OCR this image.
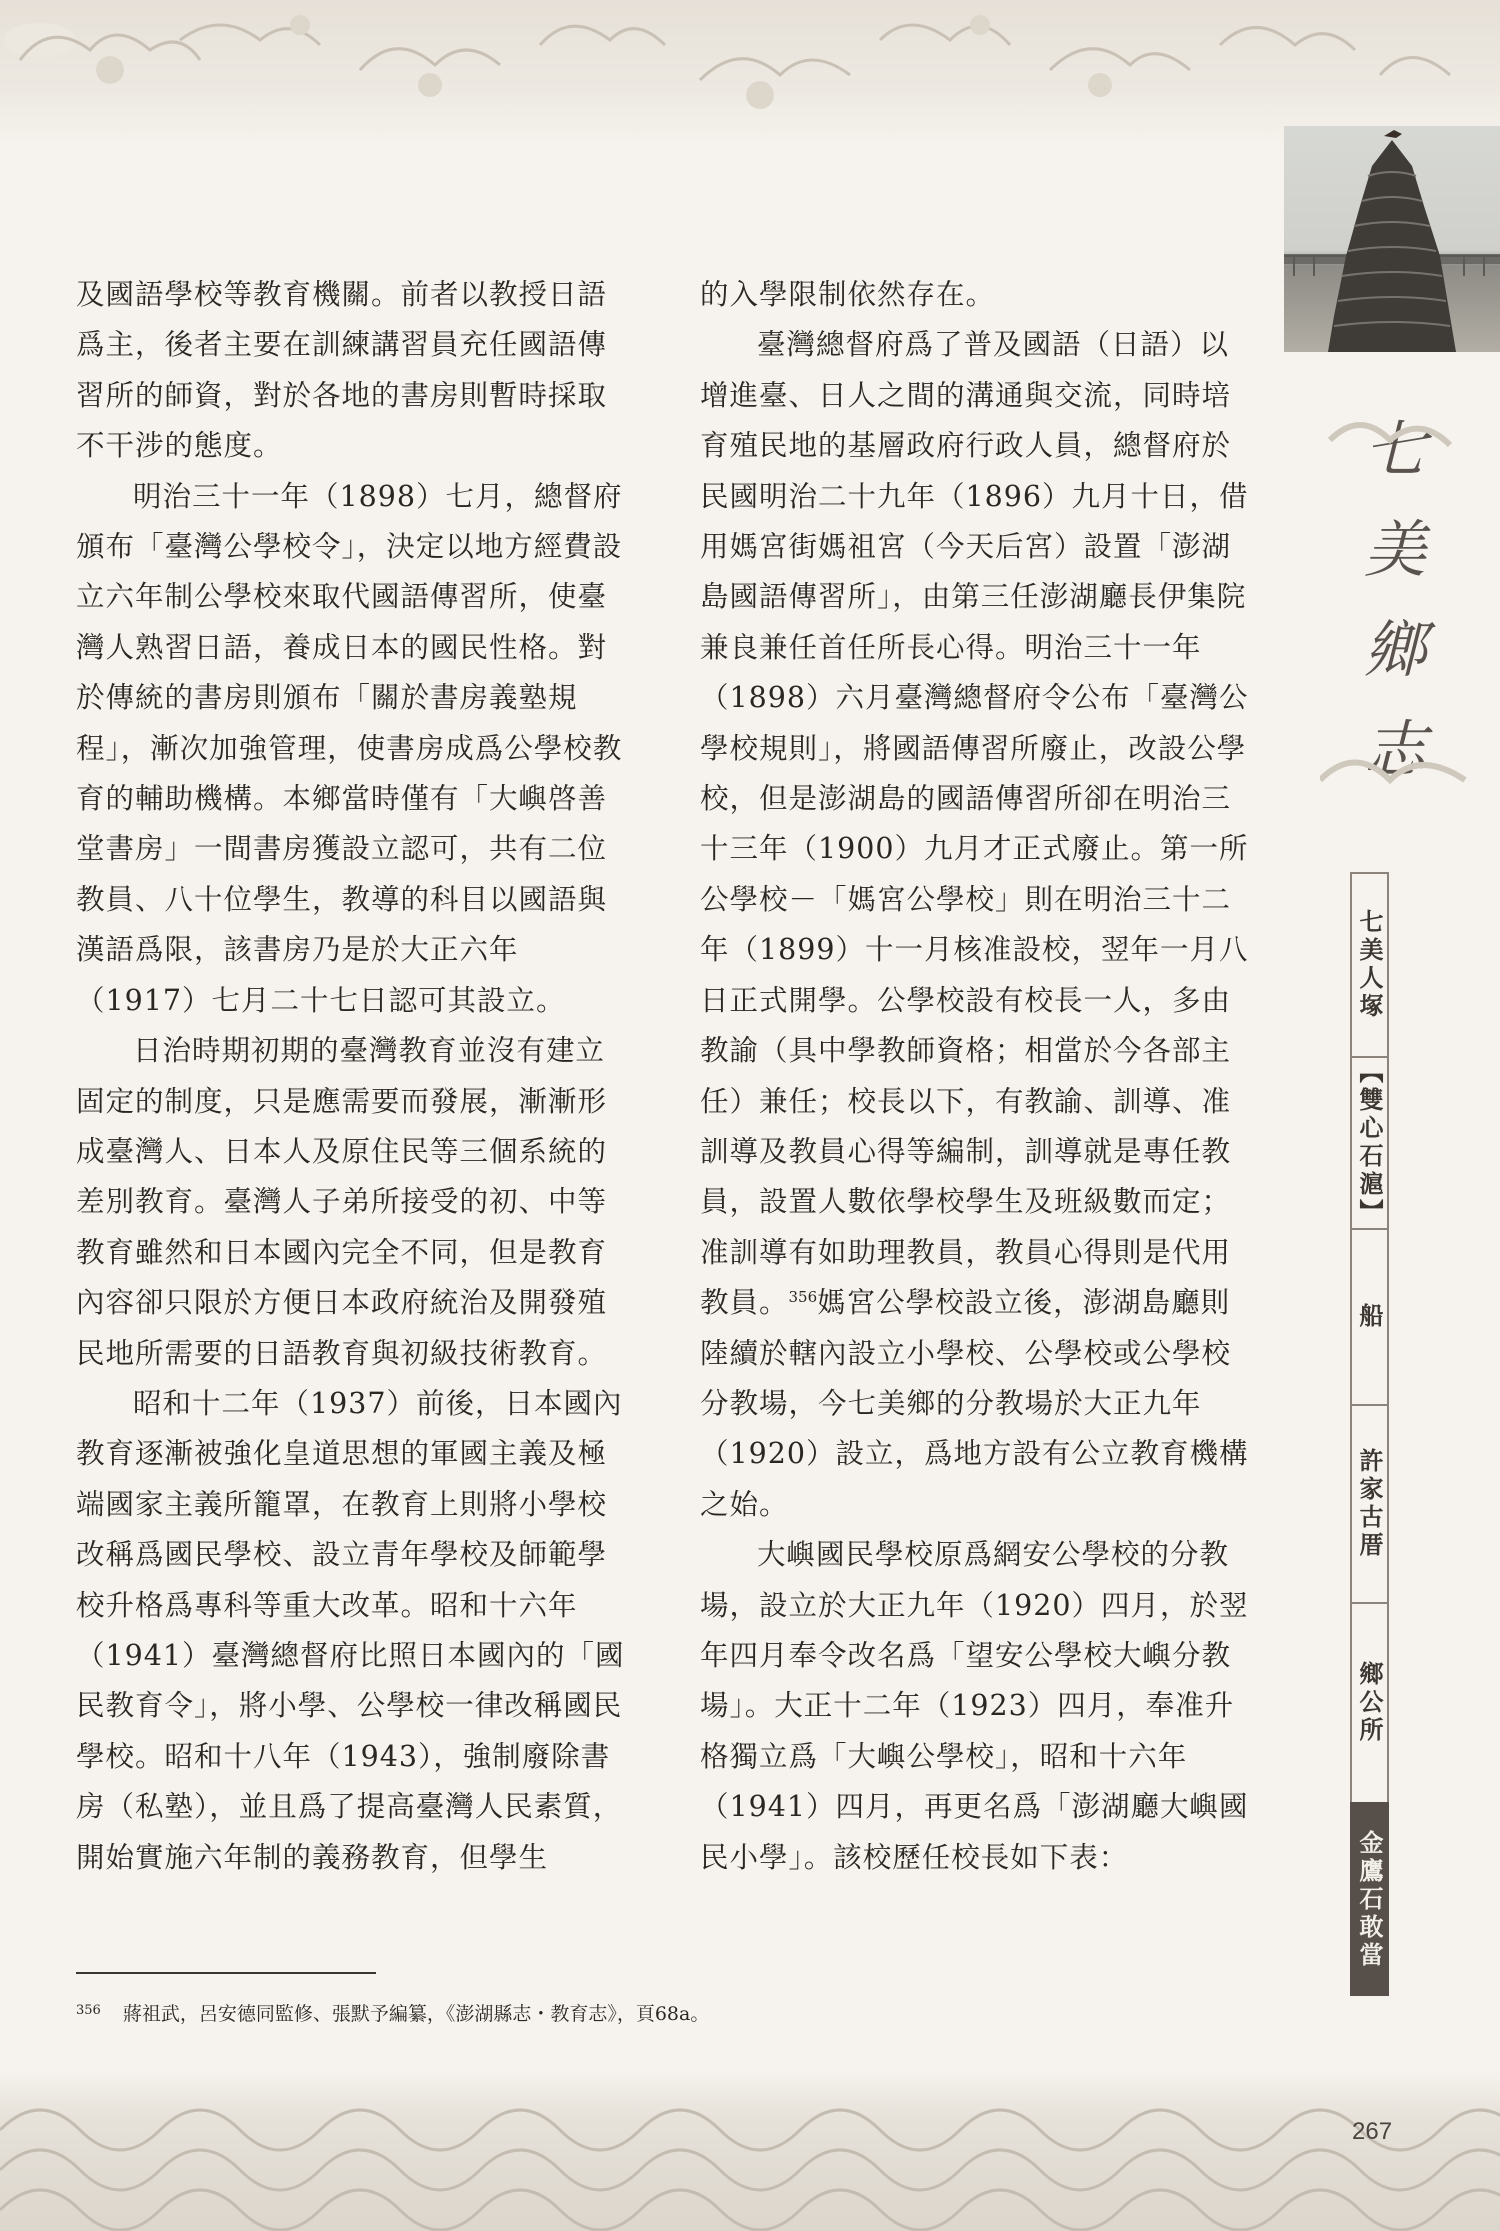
七
美
鄉
志
七美人塚
【雙心石滬】
船
許家古厝
鄉公所
金鷹石敢當

及國語學校等教育機關。前者以教授日語爲主，後者主要在訓練講習員充任國語傳習所的師資，對於各地的書房則暫時採取不干涉的態度。

明治三十一年（1898）七月，總督府頒布「臺灣公學校令」，決定以地方經費設立六年制公學校來取代國語傳習所，使臺灣人熟習日語，養成日本的國民性格。對於傳統的書房則頒布「關於書房義塾規程」，漸次加強管理，使書房成爲公學校教育的輔助機構。本鄉當時僅有「大嶼啓善堂書房」一間書房獲設立認可，共有二位教員、八十位學生，教導的科目以國語與漢語爲限，該書房乃是於大正六年（1917）七月二十七日認可其設立。

日治時期初期的臺灣教育並沒有建立固定的制度，只是應需要而發展，漸漸形成臺灣人、日本人及原住民等三個系統的差別教育。臺灣人子弟所接受的初、中等教育雖然和日本國內完全不同，但是教育內容卻只限於方便日本政府統治及開發殖民地所需要的日語教育與初級技術教育。

昭和十二年（1937）前後，日本國內教育逐漸被強化皇道思想的軍國主義及極端國家主義所籠罩，在教育上則將小學校改稱爲國民學校、設立青年學校及師範學校升格爲專科等重大改革。昭和十六年（1941）臺灣總督府比照日本國內的「國民教育令」，將小學、公學校一律改稱國民學校。昭和十八年（1943），強制廢除書房（私塾），並且爲了提高臺灣人民素質，開始實施六年制的義務教育，但學生

的入學限制依然存在。

臺灣總督府爲了普及國語（日語）以增進臺、日人之間的溝通與交流，同時培育殖民地的基層政府行政人員，總督府於民國明治二十九年（1896）九月十日，借用媽宮街媽祖宮（今天后宮）設置「澎湖島國語傳習所」，由第三任澎湖廳長伊集院兼良兼任首任所長心得。明治三十一年（1898）六月臺灣總督府令公布「臺灣公學校規則」，將國語傳習所廢止，改設公學校，但是澎湖島的國語傳習所卻在明治三十三年（1900）九月才正式廢止。第一所公學校－「媽宮公學校」則在明治三十二年（1899）十一月核准設校，翌年一月八日正式開學。公學校設有校長一人，多由教諭（具中學教師資格；相當於今各部主任）兼任；校長以下，有教諭、訓導、准訓導及教員心得等編制，訓導就是專任教員，設置人數依學校學生及班級數而定；准訓導有如助理教員，教員心得則是代用教員。$^{356}$媽宮公學校設立後，澎湖島廳則陸續於轄內設立小學校、公學校或公學校分教場，今七美鄉的分教場於大正九年（1920）設立，爲地方設有公立教育機構之始。

大嶼國民學校原爲網安公學校的分教場，設立於大正九年（1920）四月，於翌年四月奉令改名爲「望安公學校大嶼分教場」。大正十二年（1923）四月，奉准升格獨立爲「大嶼公學校」，昭和十六年（1941）四月，再更名爲「澎湖廳大嶼國民小學」。該校歷任校長如下表：

$^{356}$ 蔣祖武，呂安德同監修、張默予編纂，《澎湖縣志・教育志》，頁68a。
267
